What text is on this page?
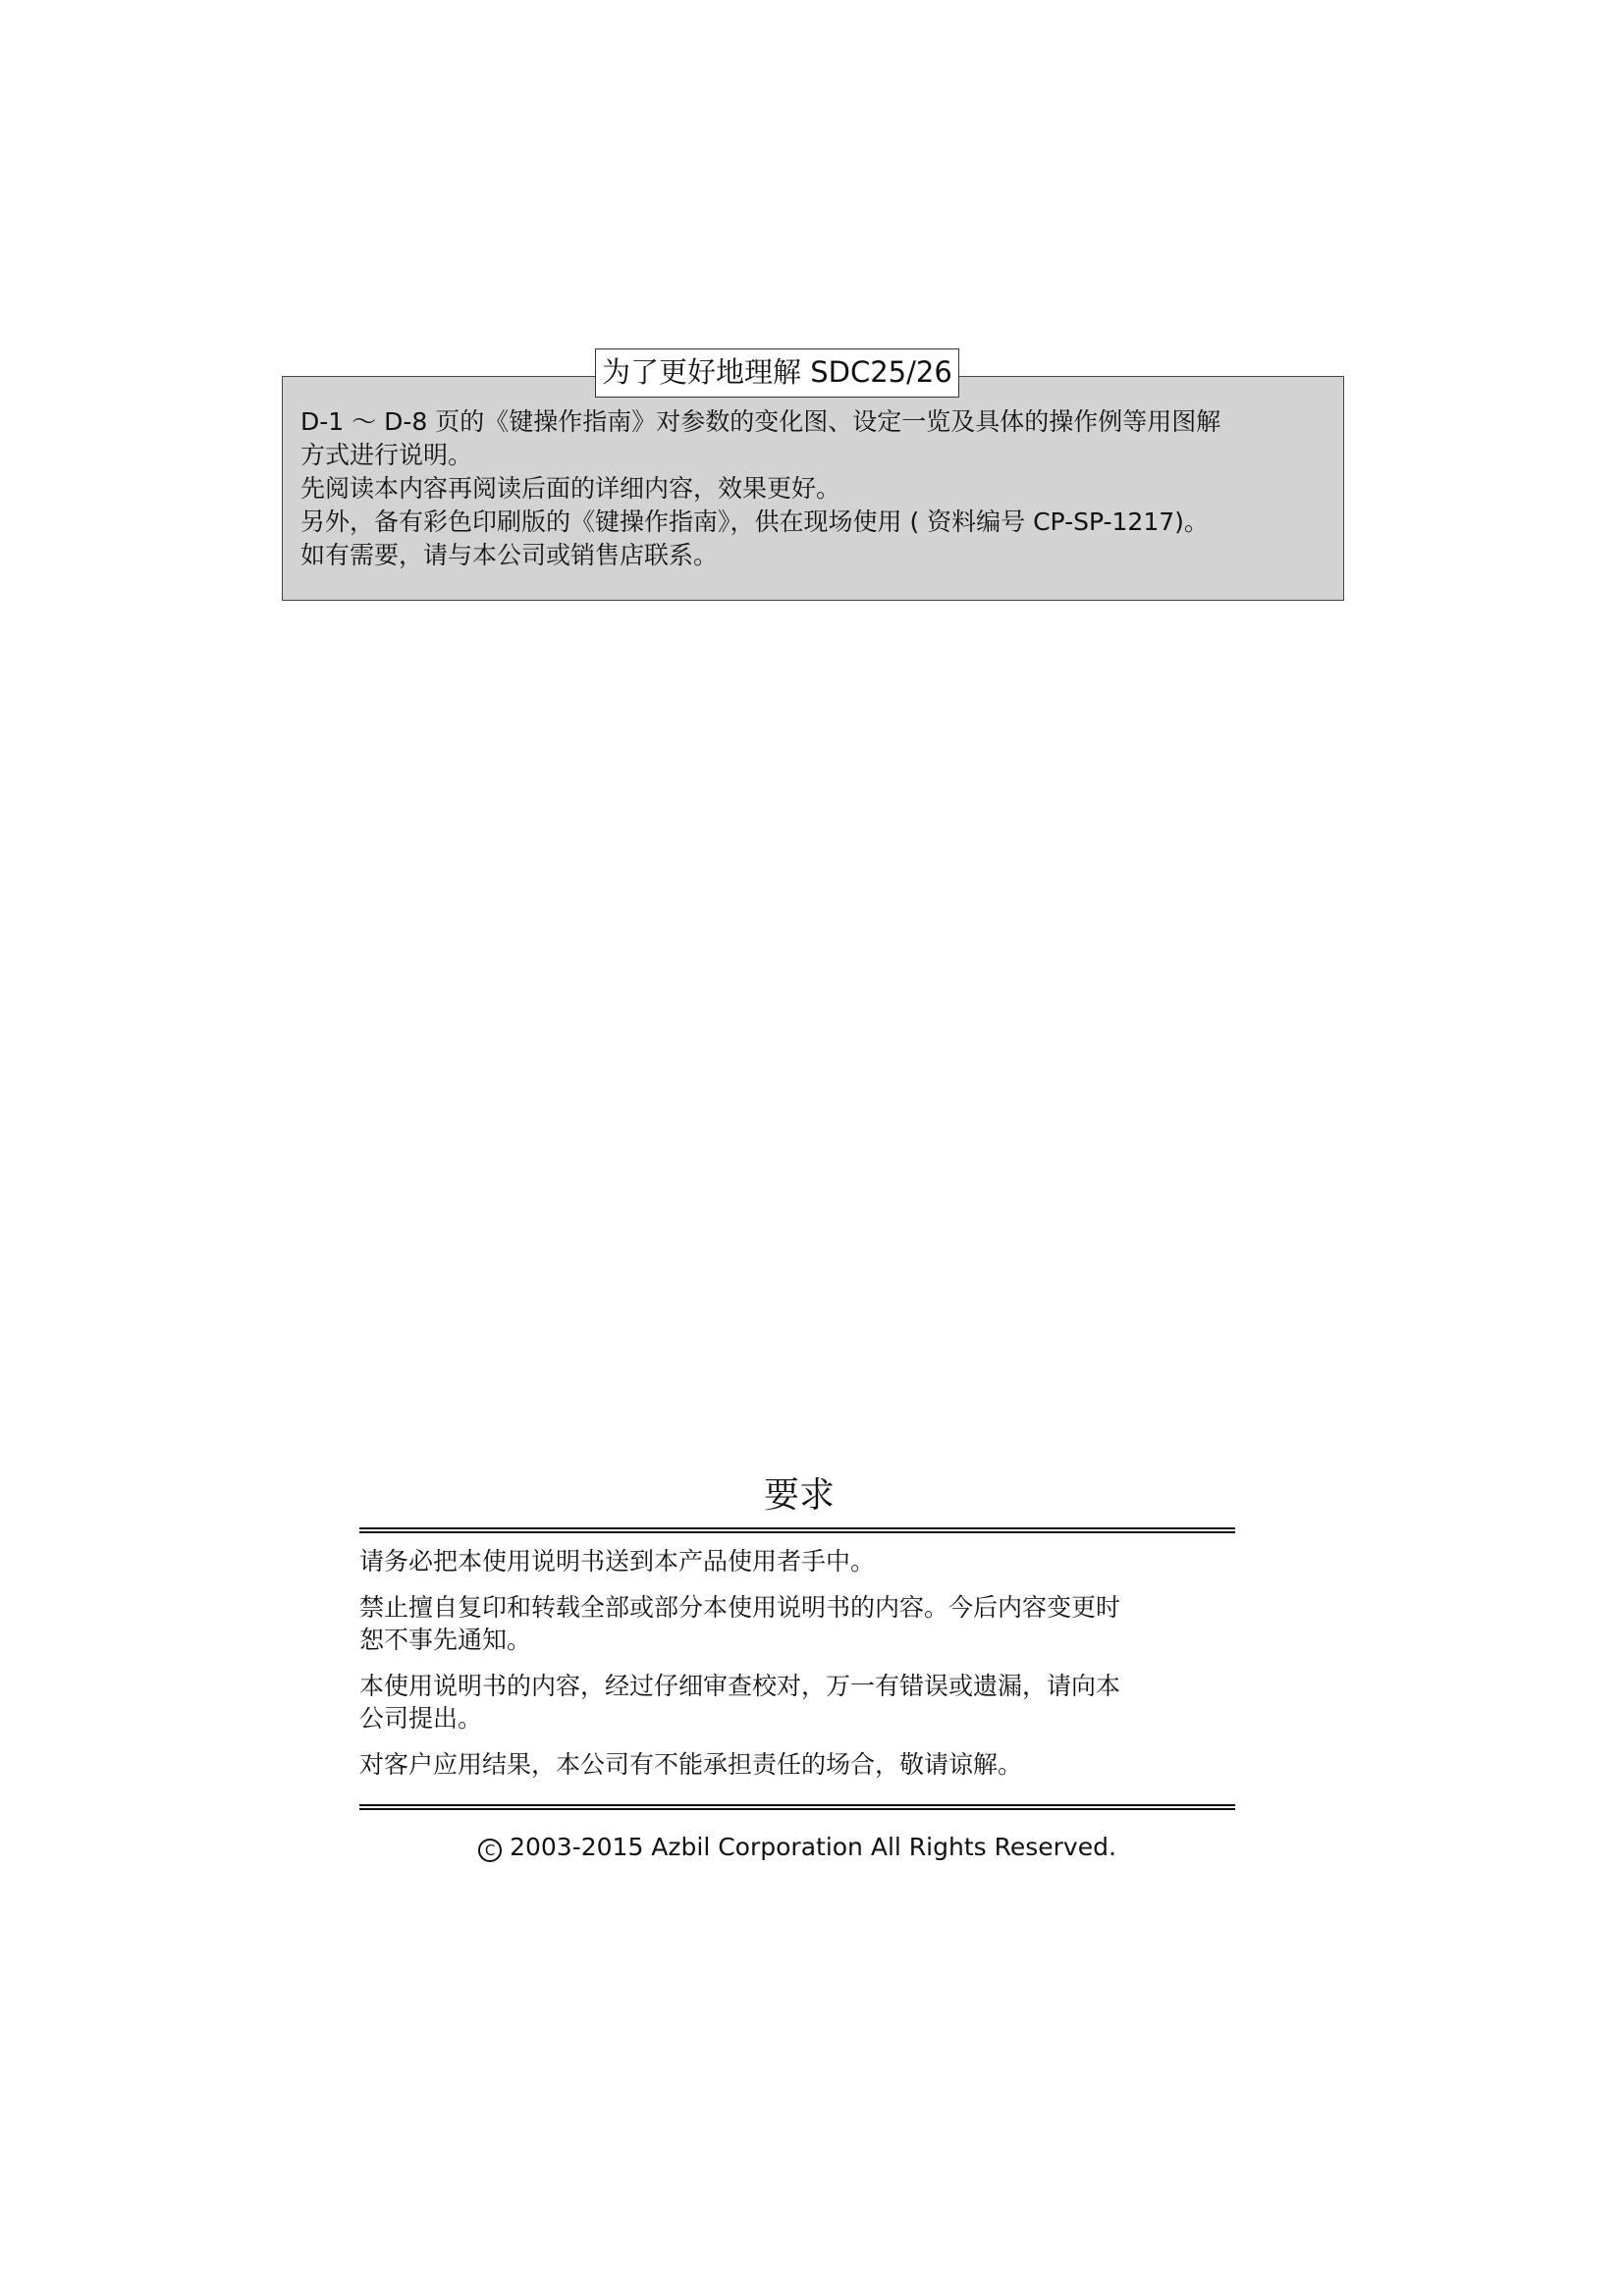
为了更好地理解 SDC25/26
D-1 ～ D-8 页的《键操作指南》对参数的变化图、设定一览及具体的操作例等用图解
方式进行说明。
先阅读本内容再阅读后面的详细内容，效果更好。
另外，备有彩色印刷版的《键操作指南》，供在现场使用 ( 资料编号 CP-SP-1217)。
如有需要，请与本公司或销售店联系。
要求
请务必把本使用说明书送到本产品使用者手中。
禁止擅自复印和转载全部或部分本使用说明书的内容。今后内容变更时
恕不事先通知。
本使用说明书的内容，经过仔细审查校对，万一有错误或遗漏，请向本
公司提出。
对客户应用结果，本公司有不能承担责任的场合，敬请谅解。
C 2003-2015 Azbil Corporation All Rights Reserved.
